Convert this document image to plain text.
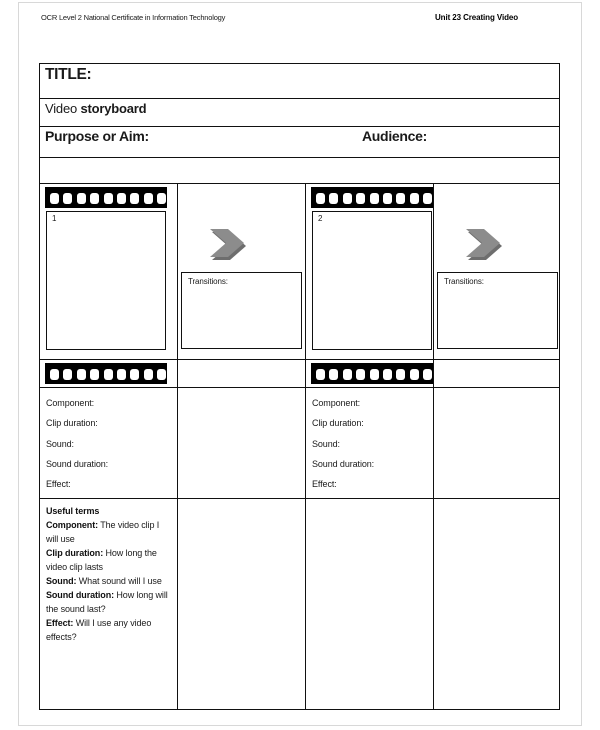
OCR Level 2 National Certificate in Information Technology	Unit 23 Creating Video
TITLE:			
Video storyboard			
Purpose or Aim: Audience:			

1	Transitions:	2	Transitions:

Component:
Clip duration:
Sound:
Sound duration:
Effect:

Component:
Clip duration:
Sound:
Sound duration:
Effect:

Useful terms
Component: The video clip I will use
Clip duration: How long the video clip lasts
Sound: What sound will I use
Sound duration: How long will the sound last?
Effect: Will I use any video effects?
